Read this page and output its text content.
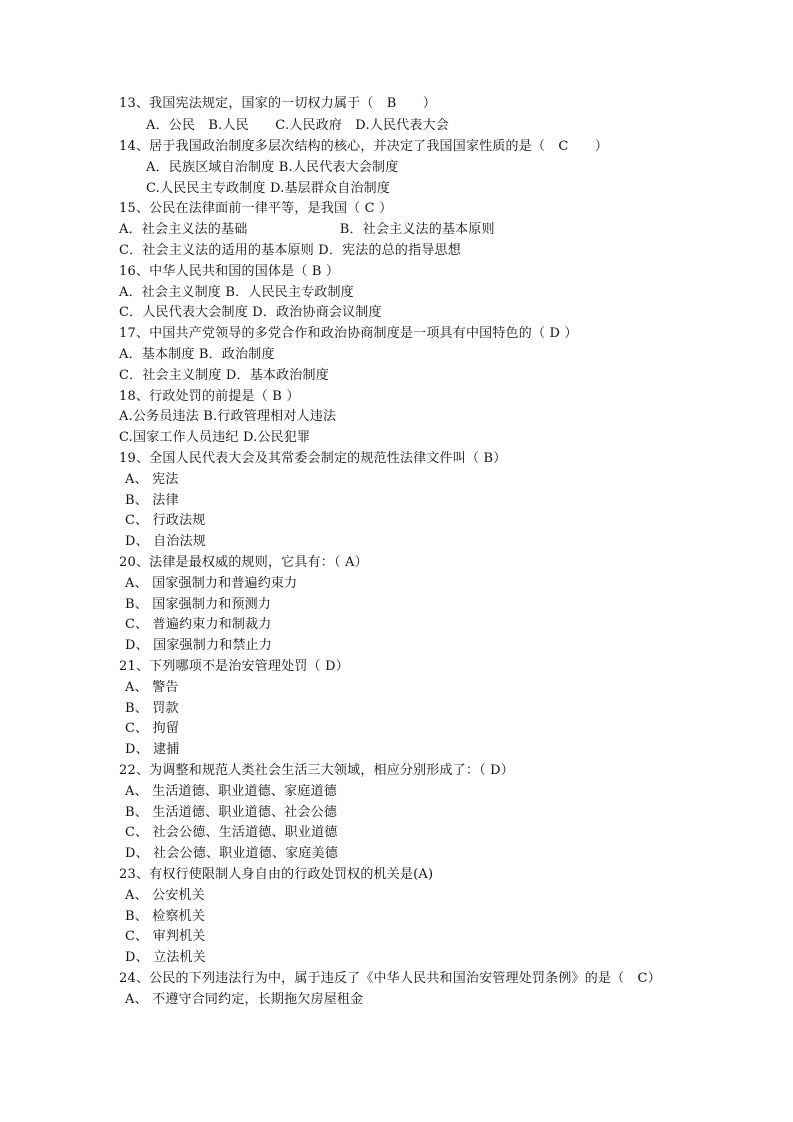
13、我国宪法规定，国家的一切权力属于（　B　　）
A．公民　B.人民　　C.人民政府　D.人民代表大会
14、居于我国政治制度多层次结构的核心，并决定了我国国家性质的是（　C　　）
A．民族区域自治制度 B.人民代表大会制度
C.人民民主专政制度 D.基层群众自治制度
15、公民在法律面前一律平等，是我国（ C ）
A．社会主义法的基础　　　　　　　B．社会主义法的基本原则
C．社会主义法的适用的基本原则 D．宪法的总的指导思想
16、中华人民共和国的国体是（ B ）
A．社会主义制度 B．人民民主专政制度
C．人民代表大会制度 D．政治协商会议制度
17、中国共产党领导的多党合作和政治协商制度是一项具有中国特色的（ D ）
A．基本制度 B．政治制度
C．社会主义制度 D．基本政治制度
18、行政处罚的前提是（ B ）
A.公务员违法 B.行政管理相对人违法
C.国家工作人员违纪 D.公民犯罪
19、全国人民代表大会及其常委会制定的规范性法律文件叫（ B）
A、 宪法
B、 法律
C、 行政法规
D、 自治法规
20、法律是最权威的规则，它具有：（ A）
A、 国家强制力和普遍约束力
B、 国家强制力和预测力
C、 普遍约束力和制裁力
D、 国家强制力和禁止力
21、下列哪项不是治安管理处罚（ D）
A、 警告
B、 罚款
C、 拘留
D、 逮捕
22、为调整和规范人类社会生活三大领域，相应分别形成了：（ D）
A、 生活道德、职业道德、家庭道德
B、 生活道德、职业道德、社会公德
C、 社会公德、生活道德、职业道德
D、 社会公德、职业道德、家庭美德
23、有权行使限制人身自由的行政处罚权的机关是(A)
A、 公安机关
B、 检察机关
C、 审判机关
D、 立法机关
24、公民的下列违法行为中，属于违反了《中华人民共和国治安管理处罚条例》的是（　C）
A、 不遵守合同约定，长期拖欠房屋租金
